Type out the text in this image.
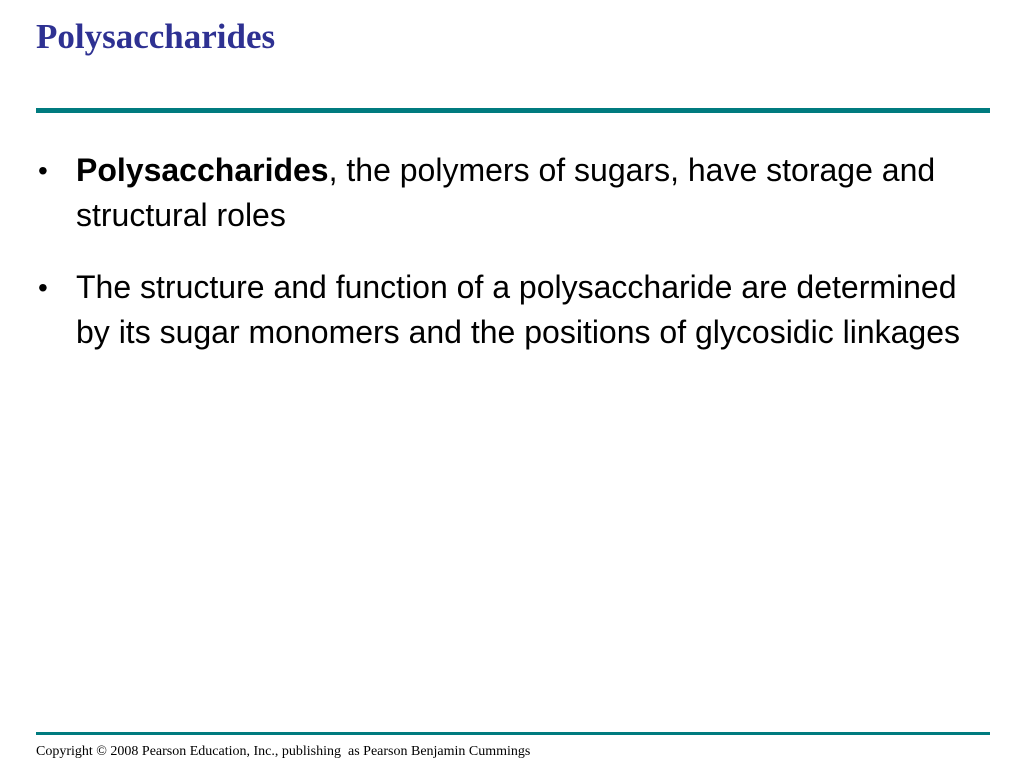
Polysaccharides
• Polysaccharides, the polymers of sugars, have storage and structural roles
• The structure and function of a polysaccharide are determined by its sugar monomers and the positions of glycosidic linkages
Copyright © 2008 Pearson Education, Inc., publishing  as Pearson Benjamin Cummings
